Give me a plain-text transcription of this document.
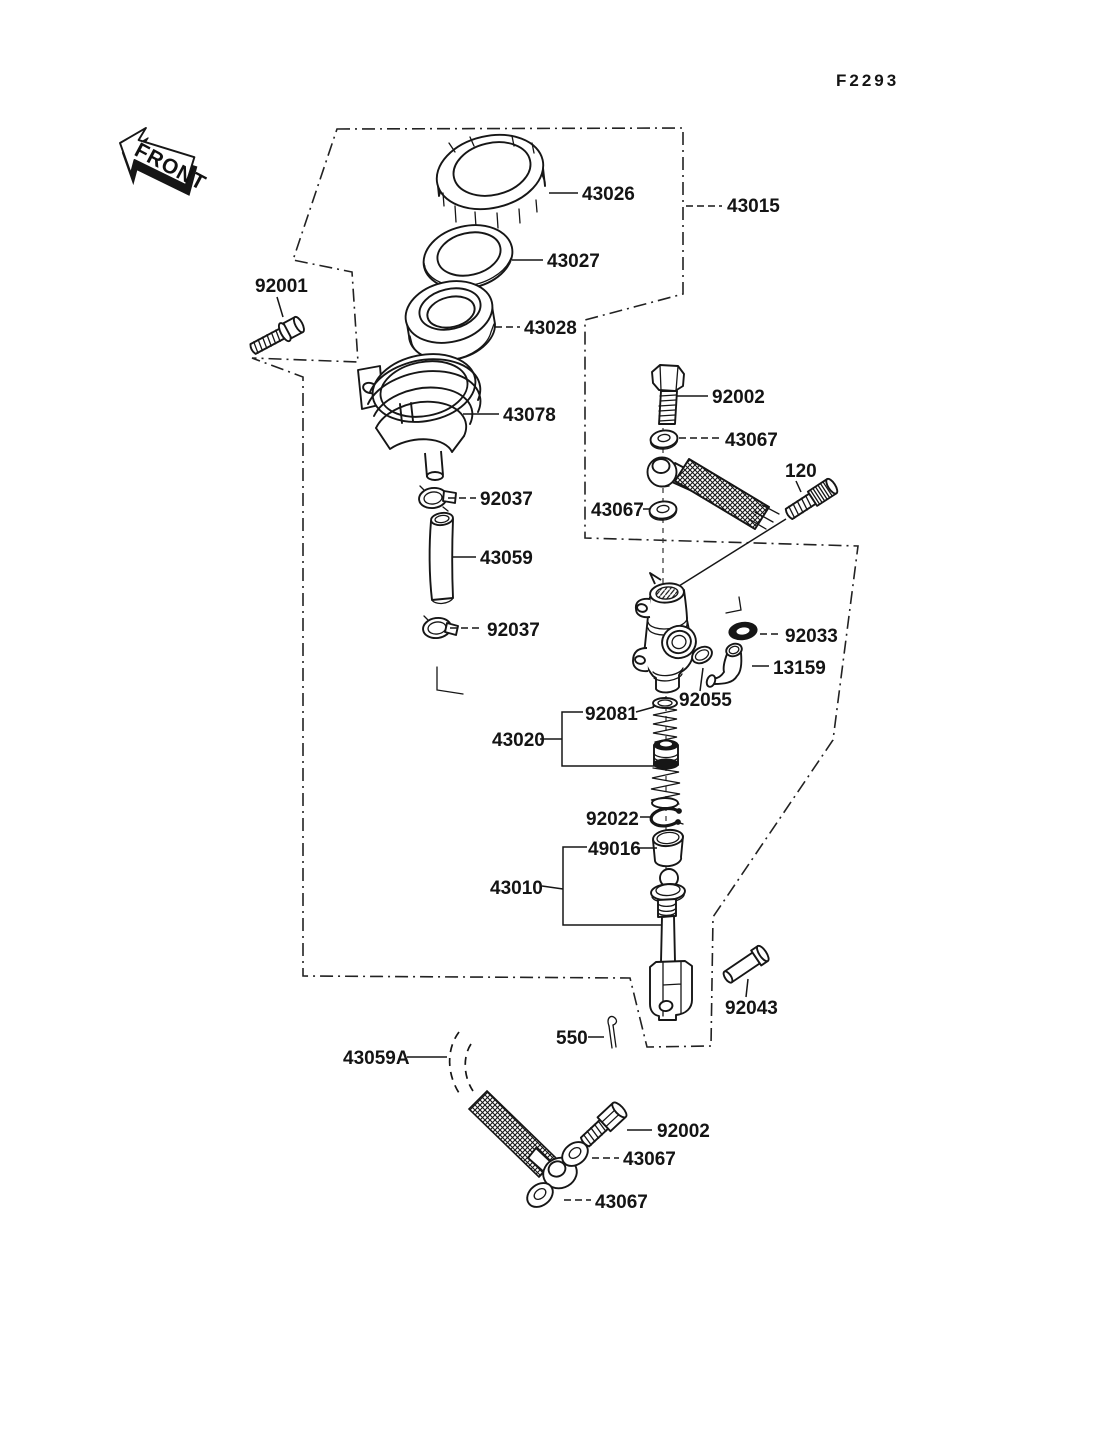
FRONT
F2293
43026
43015
43027
43028
92001
43078
92002
43067
92037
43067
120
43059
92033
13159
92037
92055
92081
43020
92022
49016
43010
92043
550
43059A
92002
43067
43067
